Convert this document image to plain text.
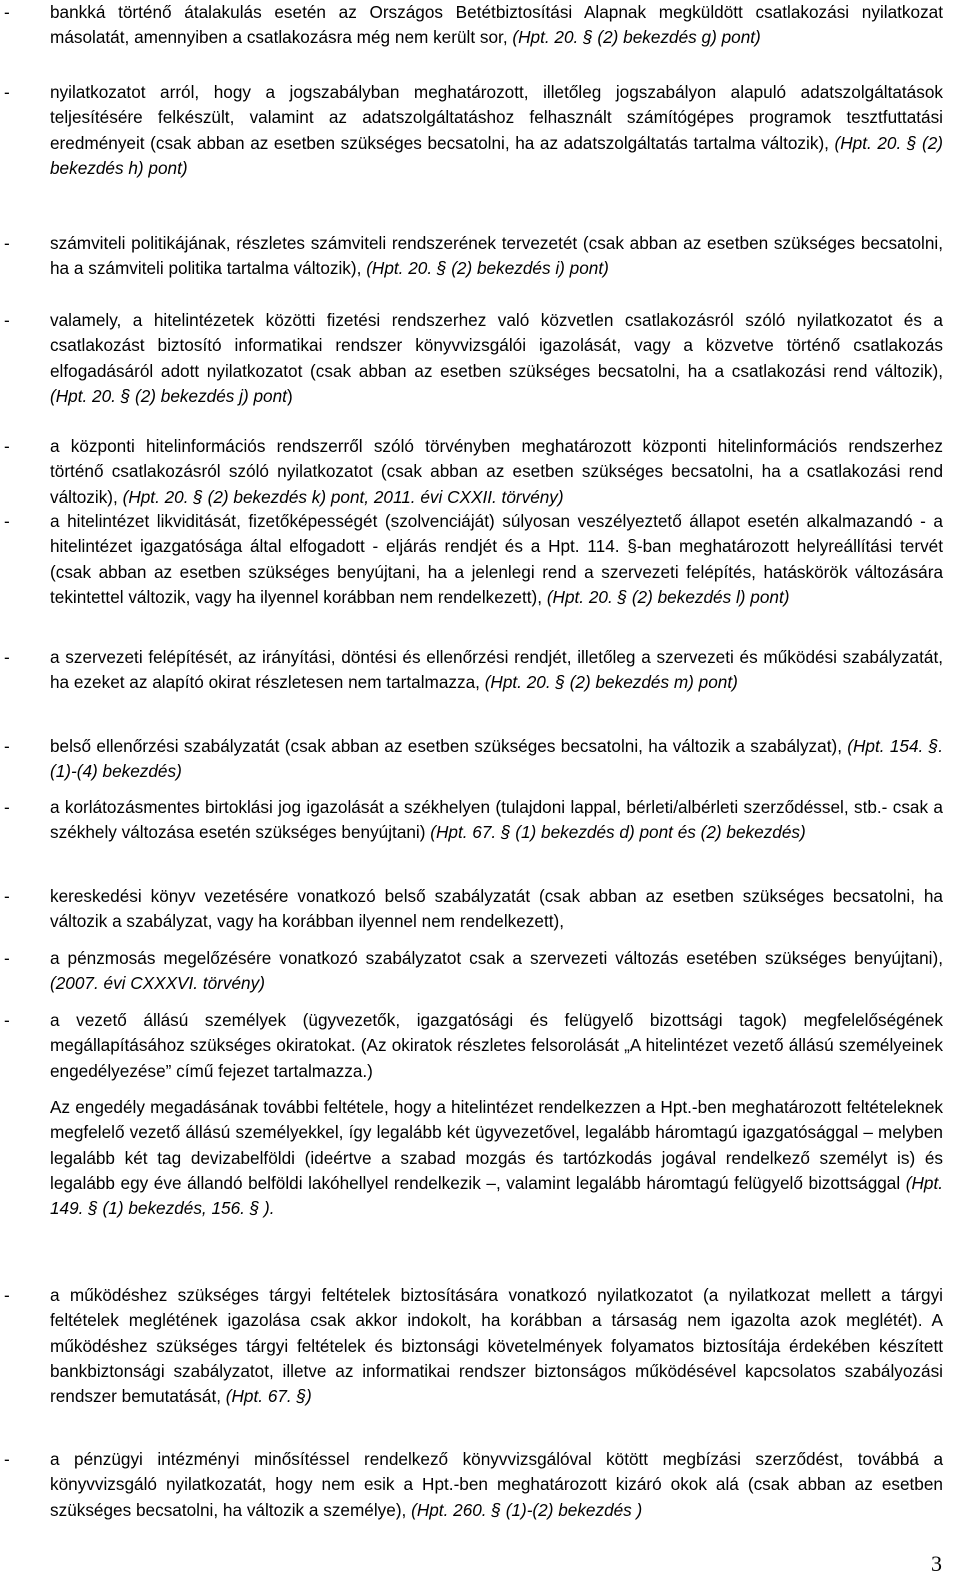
- bankká történő átalakulás esetén az Országos Betétbiztosítási Alapnak megküldött csatlakozási nyilatkozat másolatát, amennyiben a csatlakozásra még nem került sor, (Hpt. 20. § (2) bekezdés g) pont)

- nyilatkozatot arról, hogy a jogszabályban meghatározott, illetőleg jogszabályon alapuló adatszolgáltatások teljesítésére felkészült, valamint az adatszolgáltatáshoz felhasznált számítógépes programok tesztfuttatási eredményeit (csak abban az esetben szükséges becsatolni, ha az adatszolgáltatás tartalma változik), (Hpt. 20. § (2) bekezdés h) pont)

- számviteli politikájának, részletes számviteli rendszerének tervezetét (csak abban az esetben szükséges becsatolni, ha a számviteli politika tartalma változik), (Hpt. 20. § (2) bekezdés i) pont)

- valamely, a hitelintézetek közötti fizetési rendszerhez való közvetlen csatlakozásról szóló nyilatkozatot és a csatlakozást biztosító informatikai rendszer könyvvizsgálói igazolását, vagy a közvetve történő csatlakozás elfogadásáról adott nyilatkozatot (csak abban az esetben szükséges becsatolni, ha a csatlakozási rend változik), (Hpt. 20. § (2) bekezdés j) pont)

- a központi hitelinformációs rendszerről szóló törvényben meghatározott központi hitelinformációs rendszerhez történő csatlakozásról szóló nyilatkozatot (csak abban az esetben szükséges becsatolni, ha a csatlakozási rend változik), (Hpt. 20. § (2) bekezdés k) pont, 2011. évi CXXII. törvény)

- a hitelintézet likviditását, fizetőképességét (szolvenciáját) súlyosan veszélyeztető állapot esetén alkalmazandó - a hitelintézet igazgatósága által elfogadott - eljárás rendjét és a Hpt. 114. §-ban meghatározott helyreállítási tervét (csak abban az esetben szükséges benyújtani, ha a jelenlegi rend a szervezeti felépítés, hatáskörök változására tekintettel változik, vagy ha ilyennel korábban nem rendelkezett), (Hpt. 20. § (2) bekezdés l) pont)

- a szervezeti felépítését, az irányítási, döntési és ellenőrzési rendjét, illetőleg a szervezeti és működési szabályzatát, ha ezeket az alapító okirat részletesen nem tartalmazza, (Hpt. 20. § (2) bekezdés m) pont)

- belső ellenőrzési szabályzatát (csak abban az esetben szükséges becsatolni, ha változik a szabályzat), (Hpt. 154. §. (1)-(4) bekezdés)

- a korlátozásmentes birtoklási jog igazolását a székhelyen (tulajdoni lappal, bérleti/albérleti szerződéssel, stb.- csak a székhely változása esetén szükséges benyújtani) (Hpt. 67. § (1) bekezdés d) pont és (2) bekezdés)

- kereskedési könyv vezetésére vonatkozó belső szabályzatát (csak abban az esetben szükséges becsatolni, ha változik a szabályzat, vagy ha korábban ilyennel nem rendelkezett),

- a pénzmosás megelőzésére vonatkozó szabályzatot csak a szervezeti változás esetében szükséges benyújtani), (2007. évi CXXXVI. törvény)

- a vezető állású személyek (ügyvezetők, igazgatósági és felügyelő bizottsági tagok) megfelelőségének megállapításához szükséges okiratokat. (Az okiratok részletes felsorolását „A hitelintézet vezető állású személyeinek engedélyezése” című fejezet tartalmazza.)

Az engedély megadásának további feltétele, hogy a hitelintézet rendelkezzen a Hpt.-ben meghatározott feltételeknek megfelelő vezető állású személyekkel, így legalább két ügyvezetővel, legalább háromtagú igazgatósággal – melyben legalább két tag devizabelföldi (ideértve a szabad mozgás és tartózkodás jogával rendelkező személyt is) és legalább egy éve állandó belföldi lakóhellyel rendelkezik –, valamint legalább háromtagú felügyelő bizottsággal (Hpt. 149. § (1) bekezdés, 156. § ).

- a működéshez szükséges tárgyi feltételek biztosítására vonatkozó nyilatkozatot (a nyilatkozat mellett a tárgyi feltételek meglétének igazolása csak akkor indokolt, ha korábban a társaság nem igazolta azok meglétét). A működéshez szükséges tárgyi feltételek és biztonsági követelmények folyamatos biztosítája érdekében készített bankbiztonsági szabályzatot, illetve az informatikai rendszer biztonságos működésével kapcsolatos szabályozási rendszer bemutatását, (Hpt. 67. §)

- a pénzügyi intézményi minősítéssel rendelkező könyvvizsgálóval kötött megbízási szerződést, továbbá a könyvvizsgáló nyilatkozatát, hogy nem esik a Hpt.-ben meghatározott kizáró okok alá (csak abban az esetben szükséges becsatolni, ha változik a személye), (Hpt. 260. § (1)-(2) bekezdés )

3
